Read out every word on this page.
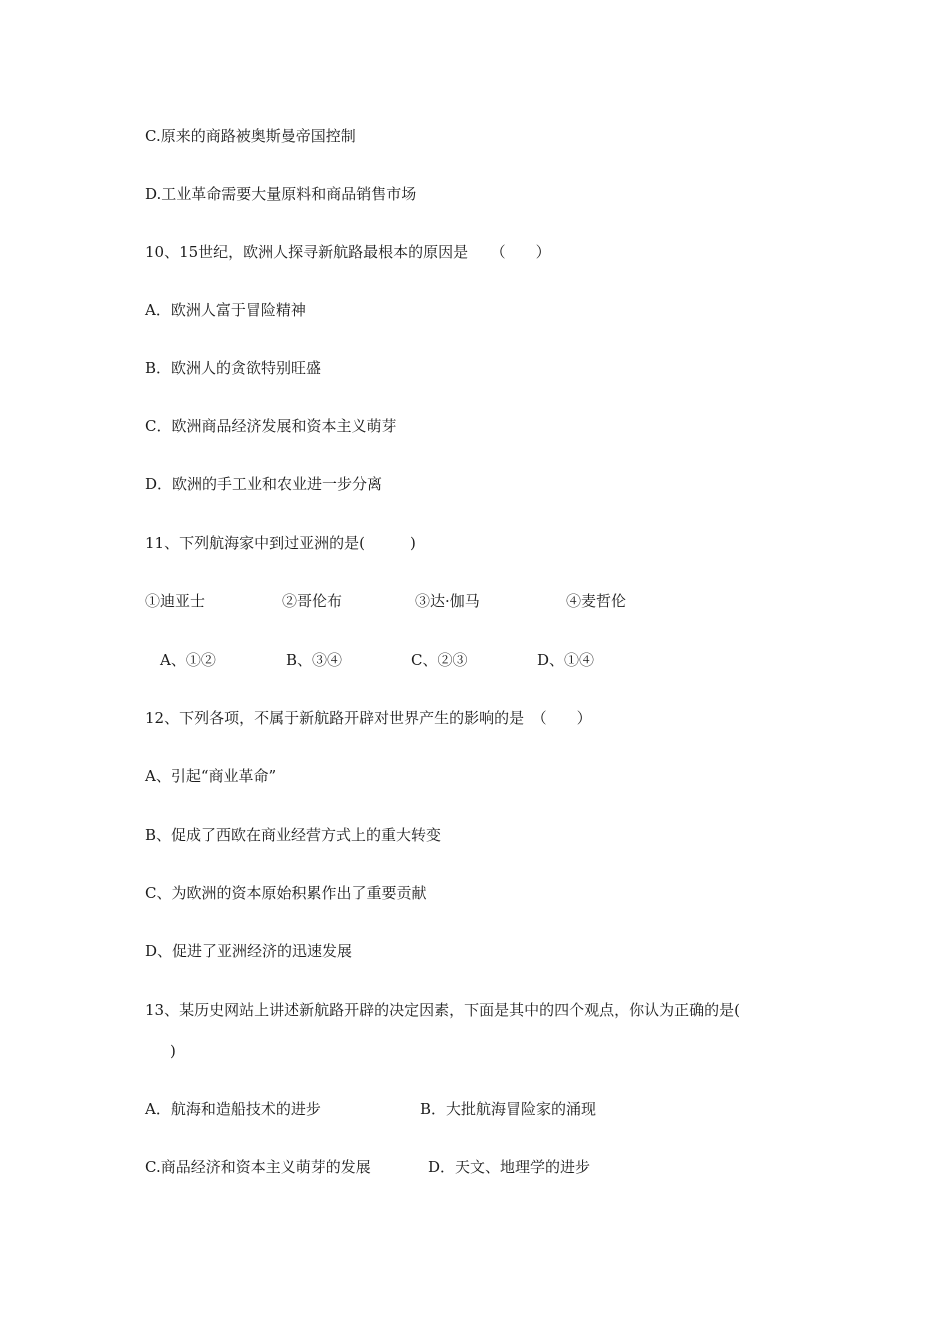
C.原来的商路被奥斯曼帝国控制
D.工业革命需要大量原料和商品销售市场
10、15世纪，欧洲人探寻新航路最根本的原因是　　（　　）
A．欧洲人富于冒险精神
B．欧洲人的贪欲特别旺盛
C．欧洲商品经济发展和资本主义萌芽
D．欧洲的手工业和农业进一步分离
11、下列航海家中到过亚洲的是(　　　)
①迪亚士	②哥伦布	③达·伽马	④麦哲伦
A、①②	B、③④	C、②③	D、①④
12、下列各项，不属于新航路开辟对世界产生的影响的是　（　　）
A、引起“商业革命”
B、促成了西欧在商业经营方式上的重大转变
C、为欧洲的资本原始积累作出了重要贡献
D、促进了亚洲经济的迅速发展
13、某历史网站上讲述新航路开辟的决定因素，下面是其中的四个观点，你认为正确的是(
)
A．航海和造船技术的进步	B．大批航海冒险家的涌现
C.商品经济和资本主义萌芽的发展	D．天文、地理学的进步
